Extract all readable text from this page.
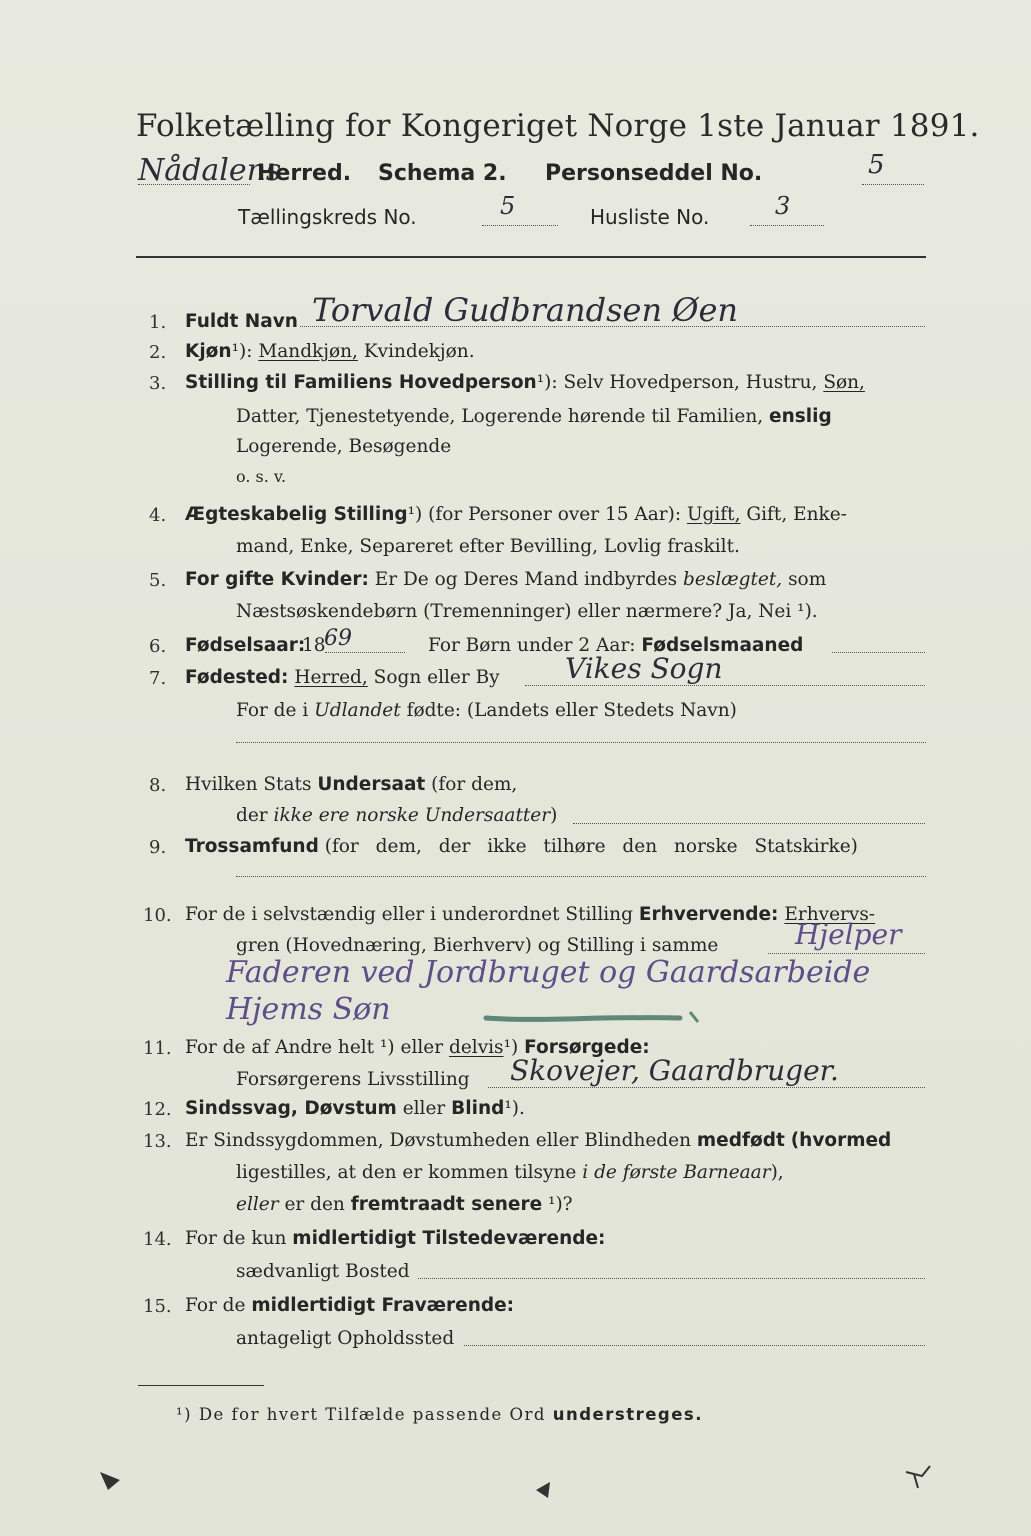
Folketælling for Kongeriget Norge 1ste Januar 1891.
Nådalens
Herred. Schema 2. Personseddel No.	5
Tællingskreds No.	5	Husliste No.	3
1. Fuldt Navn Torvald Gudbrandsen Øen
2. Kjøn¹): Mandkjøn, Kvindekjøn.
3. Stilling til Familiens Hovedperson¹): Selv Hovedperson, Hustru, Søn,
Datter, Tjenestetyende, Logerende hørende til Familien, enslig
Logerende, Besøgende
o. s. v.
4. Ægteskabelig Stilling¹) (for Personer over 15 Aar): Ugift, Gift, Enke-
mand, Enke, Separeret efter Bevilling, Lovlig fraskilt.
5. For gifte Kvinder: Er De og Deres Mand indbyrdes beslægtet, som
Næstsøskendebørn (Tremenninger) eller nærmere? Ja, Nei ¹).
6. Fødselsaar:
18
69	For Børn under 2 Aar: Fødselsmaaned
7. Fødested: Herred, Sogn eller By Vikes Sogn
For de i Udlandet fødte: (Landets eller Stedets Navn)
8. Hvilken Stats Undersaat (for dem,
der ikke ere norske Undersaatter)
9. Trossamfund (for dem, der ikke tilhøre den norske Statskirke)
10. For de i selvstændig eller i underordnet Stilling Erhvervende: Erhvervs-
gren (Hovednæring, Bierhverv) og Stilling i samme	Hjelper
Faderen ved Jordbruget og Gaardsarbeide
Hjems Søn
11. For de af Andre helt ¹) eller delvis¹) Forsørgede:
Forsørgerens Livsstilling Skovejer, Gaardbruger.
12. Sindssvag, Døvstum eller Blind¹).
13. Er Sindssygdommen, Døvstumheden eller Blindheden medfødt (hvormed
ligestilles, at den er kommen tilsyne i de første Barneaar),
eller er den fremtraadt senere ¹)?
14. For de kun midlertidigt Tilstedeværende:
sædvanligt Bosted
15. For de midlertidigt Fraværende:
antageligt Opholdssted
¹) De for hvert Tilfælde passende Ord understreges.
